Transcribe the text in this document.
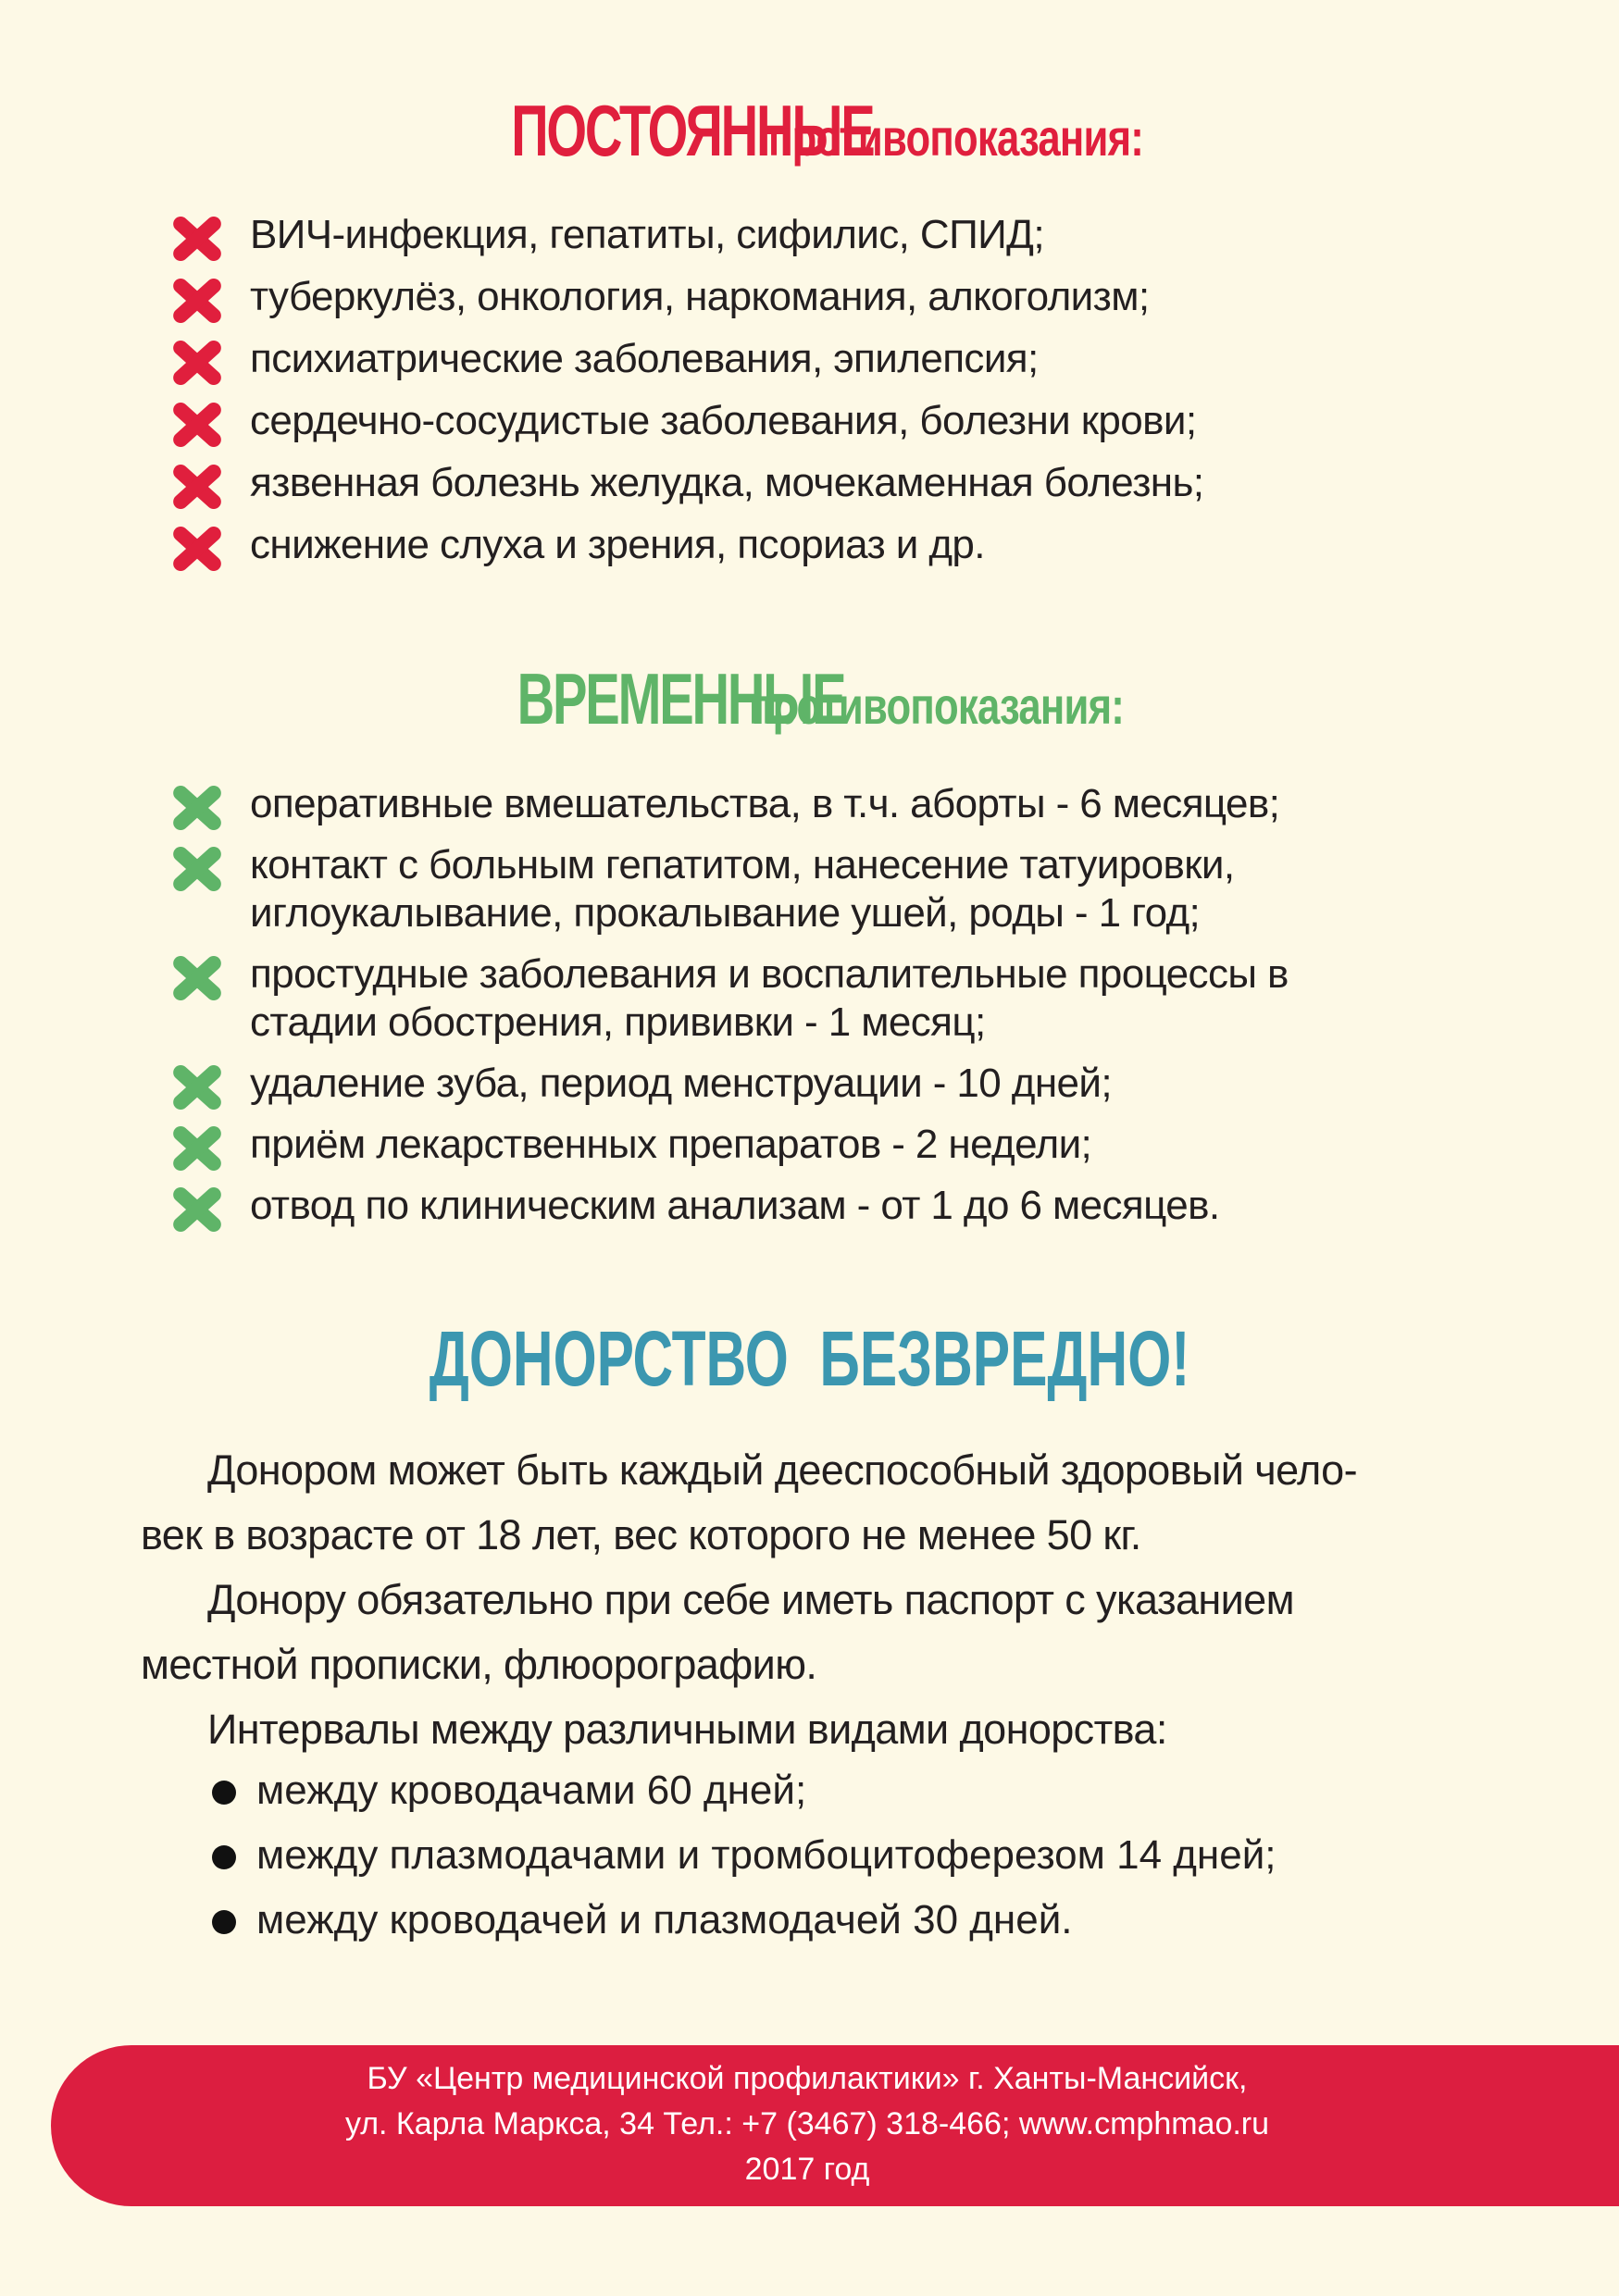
ПОСТОЯННЫЕпротивопоказания:
ВИЧ-инфекция, гепатиты, сифилис, СПИД;
туберкулёз, онкология, наркомания, алкоголизм;
психиатрические заболевания, эпилепсия;
сердечно-сосудистые заболевания, болезни крови;
язвенная болезнь желудка, мочекаменная болезнь;
снижение слуха и зрения, псориаз и др.
ВРЕМЕННЫЕпротивопоказания:
оперативные вмешательства, в т.ч. аборты - 6 месяцев;
контакт с больным гепатитом, нанесение татуировки,
иглоукалывание, прокалывание ушей, роды - 1 год;
простудные заболевания и воспалительные процессы в
стадии обострения, прививки - 1 месяц;
удаление зуба, период менструации - 10 дней;
приём лекарственных препаратов - 2 недели;
отвод по клиническим анализам - от 1 до 6 месяцев.
ДОНОРСТВО  БЕЗВРЕДНО!
Донором может быть каждый дееспособный здоровый чело-
век в возрасте от 18 лет, вес которого не менее 50 кг.
Донору обязательно при себе иметь паспорт с указанием
местной прописки, флюорографию.
Интервалы между различными видами донорства:
между кроводачами 60 дней;
между плазмодачами и тромбоцитоферезом 14 дней;
между кроводачей и плазмодачей 30 дней.
БУ «Центр медицинской профилактики» г. Ханты-Мансийск,
ул. Карла Маркса, 34 Тел.: +7 (3467) 318-466; www.cmphmao.ru
2017 год
